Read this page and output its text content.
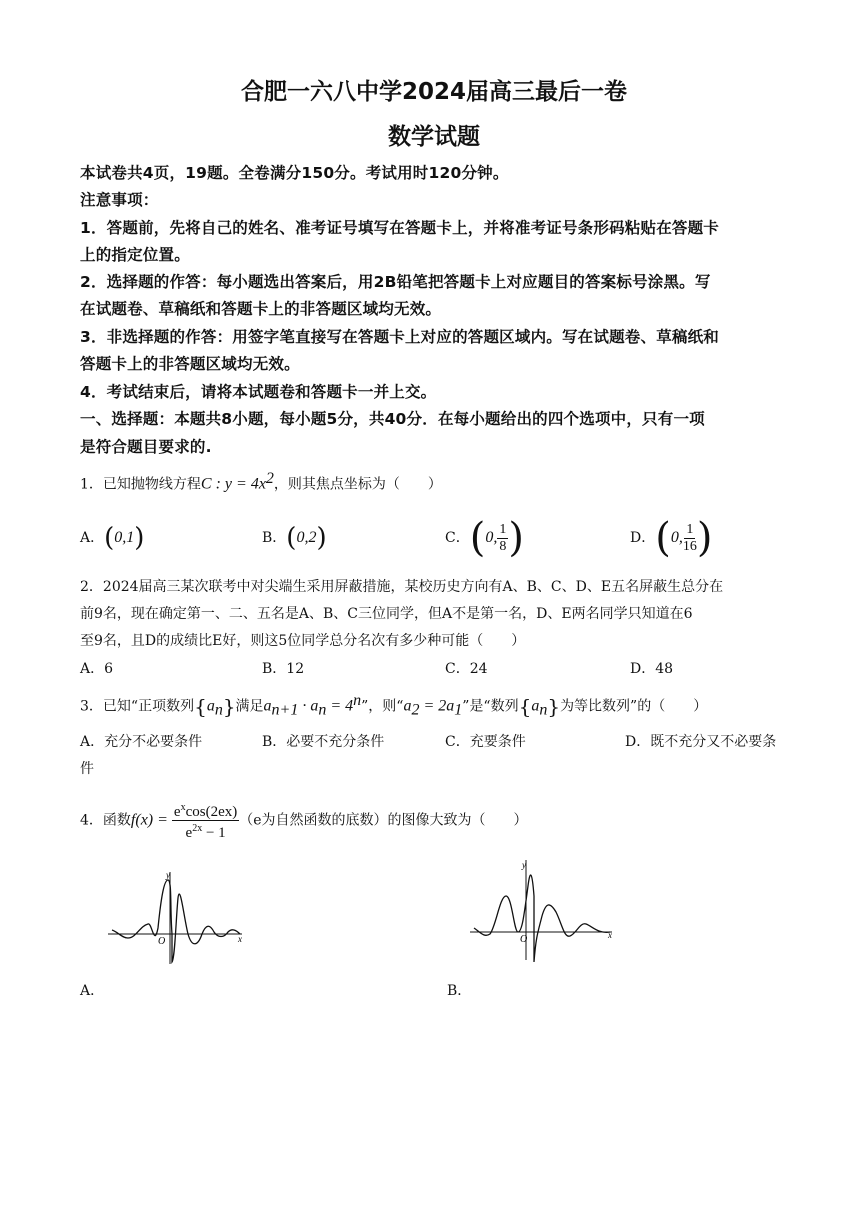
合肥一六八中学2024届高三最后一卷
数学试题
本试卷共4页，19题。全卷满分150分。考试用时120分钟。
注意事项：
1．答题前，先将自己的姓名、准考证号填写在答题卡上，并将准考证号条形码粘贴在答题卡
上的指定位置。
2．选择题的作答：每小题选出答案后，用2B铅笔把答题卡上对应题目的答案标号涂黑。写
在试题卷、草稿纸和答题卡上的非答题区域均无效。
3．非选择题的作答：用签字笔直接写在答题卡上对应的答题区域内。写在试题卷、草稿纸和
答题卡上的非答题区域均无效。
4．考试结束后，请将本试题卷和答题卡一并上交。
一、选择题：本题共8小题，每小题5分，共40分．在每小题给出的四个选项中，只有一项
是符合题目要求的.
1．已知抛物线方程C : $y = 4x^2$，则其焦点坐标为（　　）
A．(0,1)	B．(0,2)	C．(0, $\frac{1}{8}$ )	D．(0, $\frac{1}{16}$ )
2．2024届高三某次联考中对尖端生采用屏蔽措施，某校历史方向有A、B、C、D、E五名屏蔽生总分在
前9名，现在确定第一、二、五名是A、B、C三位同学，但A不是第一名，D、E两名同学只知道在6
至9名，且D的成绩比E好，则这5位同学总分名次有多少种可能（　　）
A．6	B．12	C．24	D．48
3．已知“正项数列$\{a_n\}$满足$a_{n+1} \cdot a_n = 4^n$”，则“$a_2 = 2a_1$”是“数列$\{a_n\}$为等比数列”的（　　）
A．充分不必要条件	B．必要不充分条件	C．充要条件	D．既不充分又不必要条
件
4．函数$f(x) = \frac{e^x\cos(2ex)}{e^{2x} - 1} (e$为自然函数的底数）的图像大致为（　　）
y
x
O
A．
y
x
O
B．
